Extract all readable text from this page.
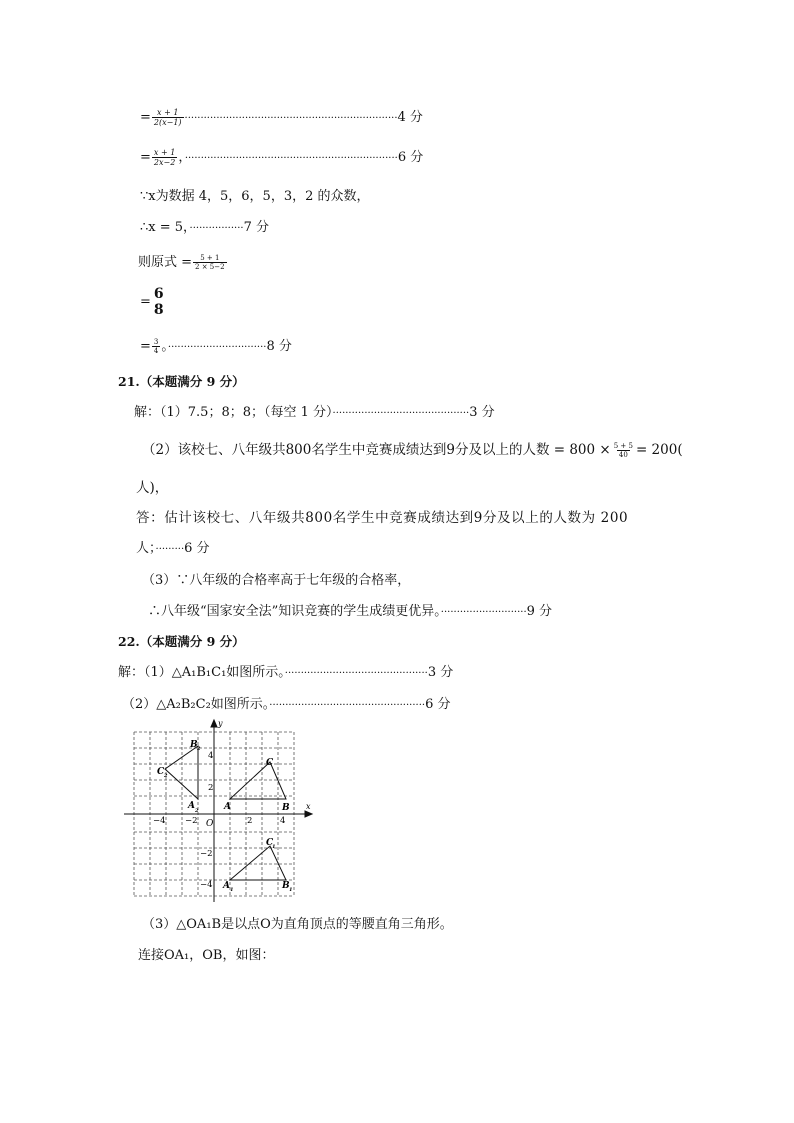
= $\frac{x + 1}{2(x-1)} \cdot\cdot\cdot\cdot\cdot\cdot\cdot\cdot\cdot\cdot\cdot\cdot\cdot\cdot\cdot\cdot\cdot\cdot\cdot\cdot\cdot\cdot\cdot\cdot\cdot\cdot\cdot\cdot\cdot\cdot\cdot\cdot\cdot\cdot\cdot\cdot\cdot\cdot\cdot\cdot\cdot\cdot\cdot\cdot\cdot\cdot\cdot\cdot\cdot\cdot\cdot\cdot\cdot\cdot\cdot\cdot\cdot\cdot\cdot\cdot\cdot\cdot\cdot\cdot\cdot\cdot\cdot 4$ 分
= $\frac{x + 1}{2x-2}$ ，···································································6 分
∵x为数据 4，5，6，5，3，2 的众数，
∴x = 5，·················7 分
则原式 = $\frac{5 + 1}{2 \times 5-2}$
= 6
8
= $\frac{3}{4}$ 。·······························8 分
21.（本题满分 9 分）
解：（1）7.5；8；8；（每空 1 分）···········································3 分
（2）该校七、八年级共800名学生中竞赛成绩达到9分及以上的人数 = $800 \times \frac{5 + 5}{40} = 200$(
人)，
答：估计该校七、八年级共800名学生中竞赛成绩达到9分及以上的人数为 200
人；·········6 分
（3）∵八年级的合格率高于七年级的合格率，
∴八年级“国家安全法”知识竞赛的学生成绩更优异。···························9 分
22.（本题满分 9 分）
解：（1）△A₁B₁C₁如图所示。·············································3 分
（2）△A₂B₂C₂如图所示。·················································6 分
x
y
O
−4 −2	2	4
4
2
−2
−4
A	B
C
A 2
B 2
C 2
A 1	B 1
C
1
（3）△OA₁B是以点O为直角顶点的等腰直角三角形。
连接OA₁，OB，如图：
